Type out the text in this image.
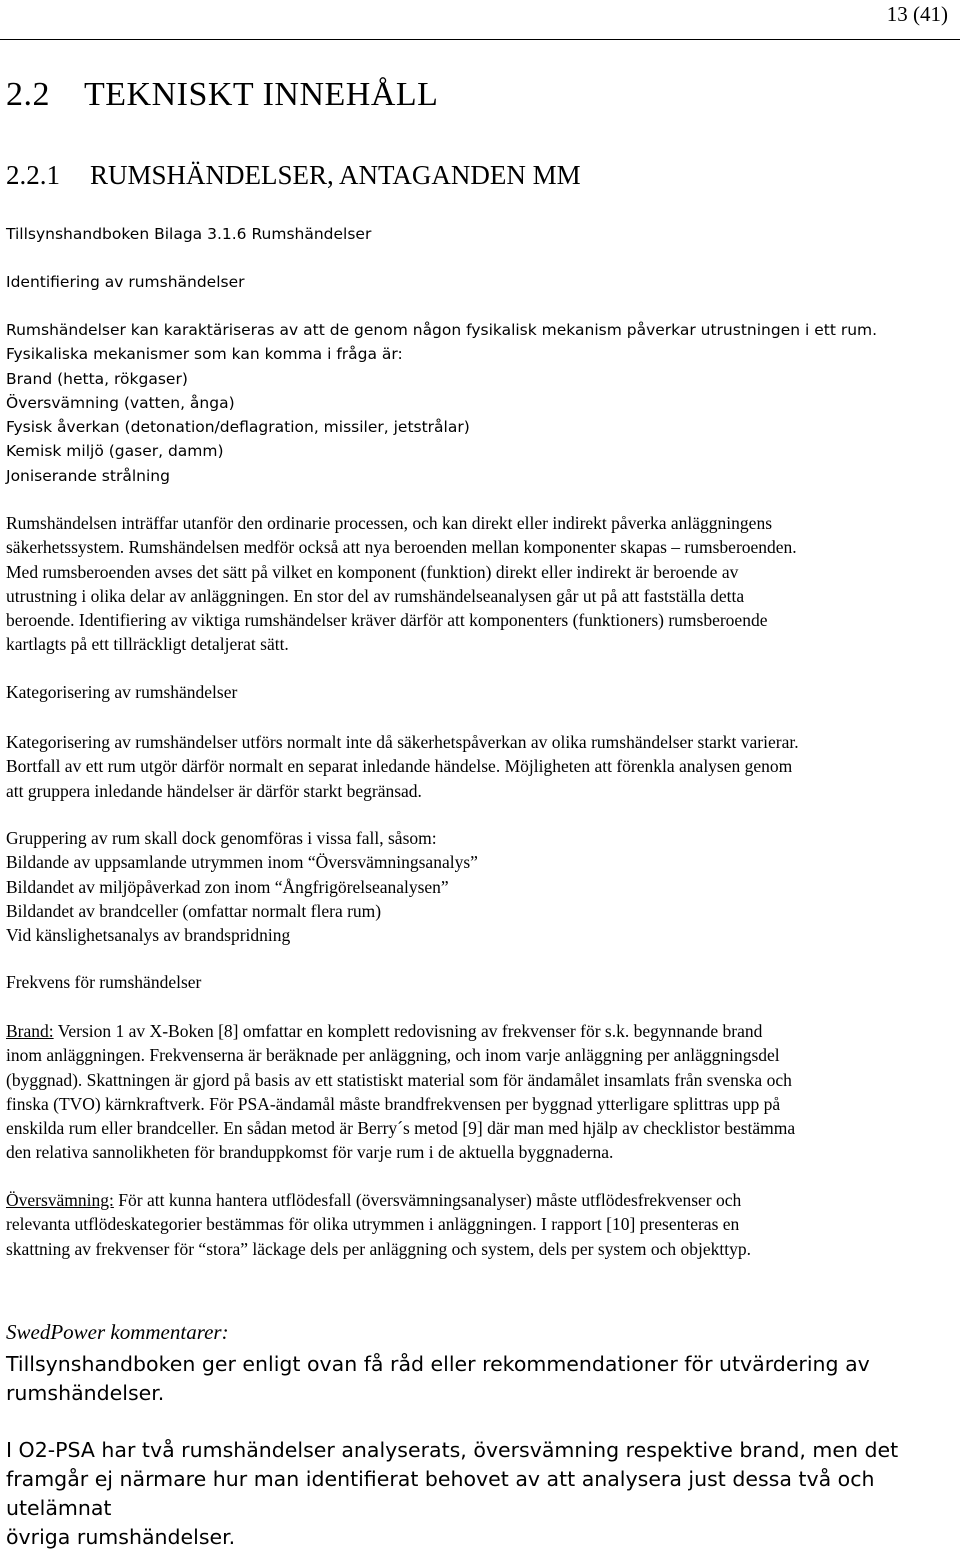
13 (41)
2.2 TEKNISKT INNEHÅLL
2.2.1 RUMSHÄNDELSER, ANTAGANDEN MM

Tillsynshandboken Bilaga 3.1.6 Rumshändelser

Identifiering av rumshändelser

Rumshändelser kan karaktäriseras av att de genom någon fysikalisk mekanism påverkar utrustningen i ett rum.

Fysikaliska mekanismer som kan komma i fråga är:

Brand (hetta, rökgaser)

Översvämning (vatten, ånga)

Fysisk åverkan (detonation/deflagration, missiler, jetstrålar)

Kemisk miljö (gaser, damm)

Joniserande strålning

Rumshändelsen inträffar utanför den ordinarie processen, och kan direkt eller indirekt påverka anläggningens

säkerhetssystem. Rumshändelsen medför också att nya beroenden mellan komponenter skapas – rumsberoenden.

Med rumsberoenden avses det sätt på vilket en komponent (funktion) direkt eller indirekt är beroende av

utrustning i olika delar av anläggningen. En stor del av rumshändelseanalysen går ut på att fastställa detta

beroende. Identifiering av viktiga rumshändelser kräver därför att komponenters (funktioners) rumsberoende

kartlagts på ett tillräckligt detaljerat sätt.

Kategorisering av rumshändelser

Kategorisering av rumshändelser utförs normalt inte då säkerhetspåverkan av olika rumshändelser starkt varierar.

Bortfall av ett rum utgör därför normalt en separat inledande händelse. Möjligheten att förenkla analysen genom

att gruppera inledande händelser är därför starkt begränsad.

Gruppering av rum skall dock genomföras i vissa fall, såsom:

Bildande av uppsamlande utrymmen inom “Översvämningsanalys”

Bildandet av miljöpåverkad zon inom “Ångfrigörelseanalysen”

Bildandet av brandceller (omfattar normalt flera rum)

Vid känslighetsanalys av brandspridning

Frekvens för rumshändelser

Brand: Version 1 av X-Boken [8] omfattar en komplett redovisning av frekvenser för s.k. begynnande brand

inom anläggningen. Frekvenserna är beräknade per anläggning, och inom varje anläggning per anläggningsdel

(byggnad). Skattningen är gjord på basis av ett statistiskt material som för ändamålet insamlats från svenska och

finska (TVO) kärnkraftverk. För PSA-ändamål måste brandfrekvensen per byggnad ytterligare splittras upp på

enskilda rum eller brandceller. En sådan metod är Berry´s metod [9] där man med hjälp av checklistor bestämma

den relativa sannolikheten för branduppkomst för varje rum i de aktuella byggnaderna.

Översvämning: För att kunna hantera utflödesfall (översvämningsanalyser) måste utflödesfrekvenser och

relevanta utflödeskategorier bestämmas för olika utrymmen i anläggningen. I rapport [10] presenteras en

skattning av frekvenser för “stora” läckage dels per anläggning och system, dels per system och objekttyp.

SwedPower kommentarer:

Tillsynshandboken ger enligt ovan få råd eller rekommendationer för utvärdering av

rumshändelser.

I O2-PSA har två rumshändelser analyserats, översvämning respektive brand, men det

framgår ej närmare hur man identifierat behovet av att analysera just dessa två och utelämnat

övriga rumshändelser.
